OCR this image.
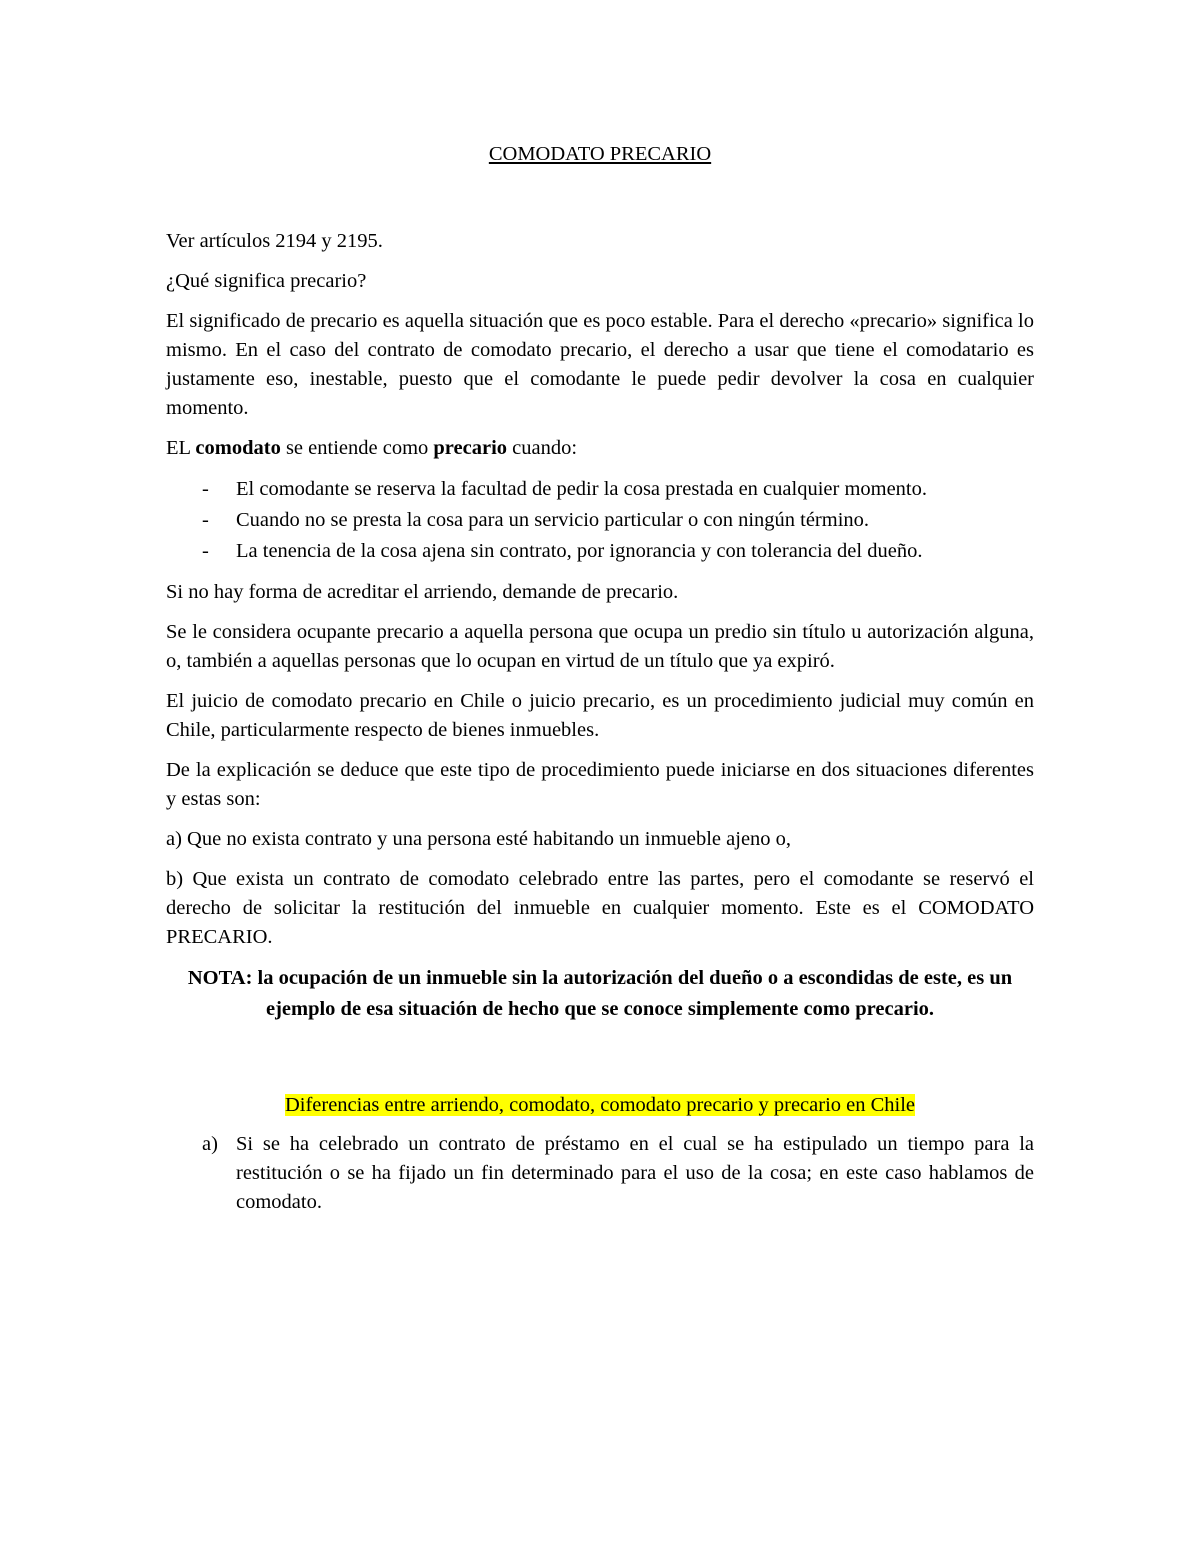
COMODATO PRECARIO

Ver artículos 2194 y 2195.

¿Qué significa precario?

El significado de precario es aquella situación que es poco estable. Para el derecho «precario» significa lo mismo. En el caso del contrato de comodato precario, el derecho a usar que tiene el comodatario es justamente eso, inestable, puesto que el comodante le puede pedir devolver la cosa en cualquier momento.

EL comodato se entiende como precario cuando:

- El comodante se reserva la facultad de pedir la cosa prestada en cualquier momento.
- Cuando no se presta la cosa para un servicio particular o con ningún término.
- La tenencia de la cosa ajena sin contrato, por ignorancia y con tolerancia del dueño.

Si no hay forma de acreditar el arriendo, demande de precario.

Se le considera ocupante precario a aquella persona que ocupa un predio sin título u autorización alguna, o, también a aquellas personas que lo ocupan en virtud de un título que ya expiró.

El juicio de comodato precario en Chile o juicio precario, es un procedimiento judicial muy común en Chile, particularmente respecto de bienes inmuebles.

De la explicación se deduce que este tipo de procedimiento puede iniciarse en dos situaciones diferentes y estas son:

a) Que no exista contrato y una persona esté habitando un inmueble ajeno o,

b) Que exista un contrato de comodato celebrado entre las partes, pero el comodante se reservó el derecho de solicitar la restitución del inmueble en cualquier momento. Este es el COMODATO PRECARIO.

NOTA: la ocupación de un inmueble sin la autorización del dueño o a escondidas de este, es un ejemplo de esa situación de hecho que se conoce simplemente como precario.
Diferencias entre arriendo, comodato, comodato precario y precario en Chile
a) Si se ha celebrado un contrato de préstamo en el cual se ha estipulado un tiempo para la restitución o se ha fijado un fin determinado para el uso de la cosa; en este caso hablamos de comodato.
